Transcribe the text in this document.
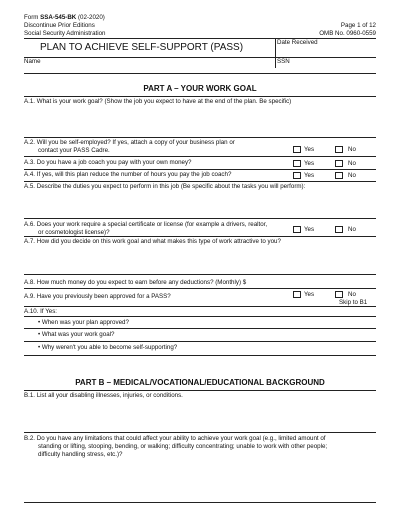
Form SSA-545-BK (02-2020)
Discontinue Prior Editions
Social Security Administration
Page 1 of 12
OMB No. 0960-0559
PLAN TO ACHIEVE SELF-SUPPORT (PASS)	Date Received
Name	SSN
PART A – YOUR WORK GOAL
A.1. What is your work goal? (Show the job you expect to have at the end of the plan. Be specific)
A.2. Will you be self-employed? If yes, attach a copy of your business plan or
contact your PASS Cadre.	Yes	No
A.3. Do you have a job coach you pay with your own money?	Yes	No
A.4. If yes, will this plan reduce the number of hours you pay the job coach?	Yes	No
A.5. Describe the duties you expect to perform in this job (Be specific about the tasks you will perform):
A.6. Does your work require a special certificate or license (for example a drivers, realtor,
or cosmetologist license)?	Yes	No
A.7. How did you decide on this work goal and what makes this type of work attractive to you?
A.8. How much money do you expect to earn before any deductions? (Monthly) $
A.9. Have you previously been approved for a PASS?	Yes	No
Skip to B1
A.10. If Yes:
• When was your plan approved?
• What was your work goal?
• Why weren't you able to become self-supporting?
PART B – MEDICAL/VOCATIONAL/EDUCATIONAL BACKGROUND
B.1. List all your disabling illnesses, injuries, or conditions.
B.2. Do you have any limitations that could affect your ability to achieve your work goal (e.g., limited amount of
standing or lifting, stooping, bending, or walking; difficulty concentrating; unable to work with other people;
difficulty handling stress, etc.)?
